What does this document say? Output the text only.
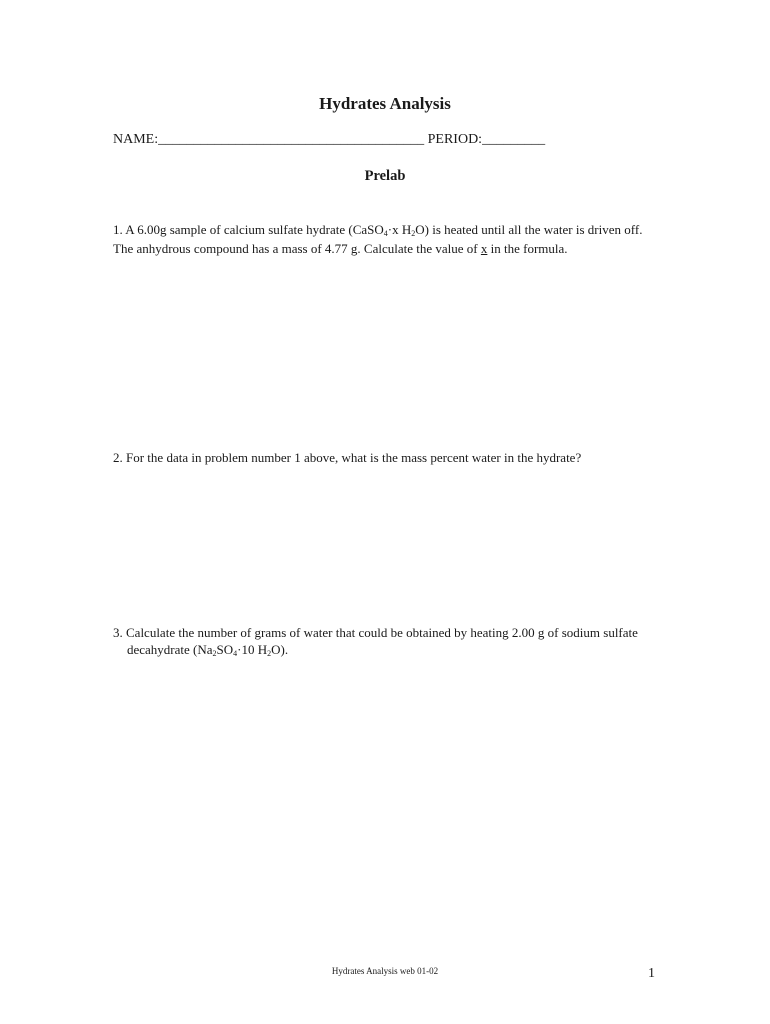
Hydrates Analysis
NAME:______________________________________ PERIOD:_________
Prelab
1. A 6.00g sample of calcium sulfate hydrate (CaSO4·x H2O) is heated until all the water is driven off. The anhydrous compound has a mass of 4.77 g. Calculate the value of x in the formula.
2. For the data in problem number 1 above, what is the mass percent water in the hydrate?
3. Calculate the number of grams of water that could be obtained by heating 2.00 g of sodium sulfate decahydrate (Na2SO4·10 H2O).
Hydrates Analysis web 01-02	1
